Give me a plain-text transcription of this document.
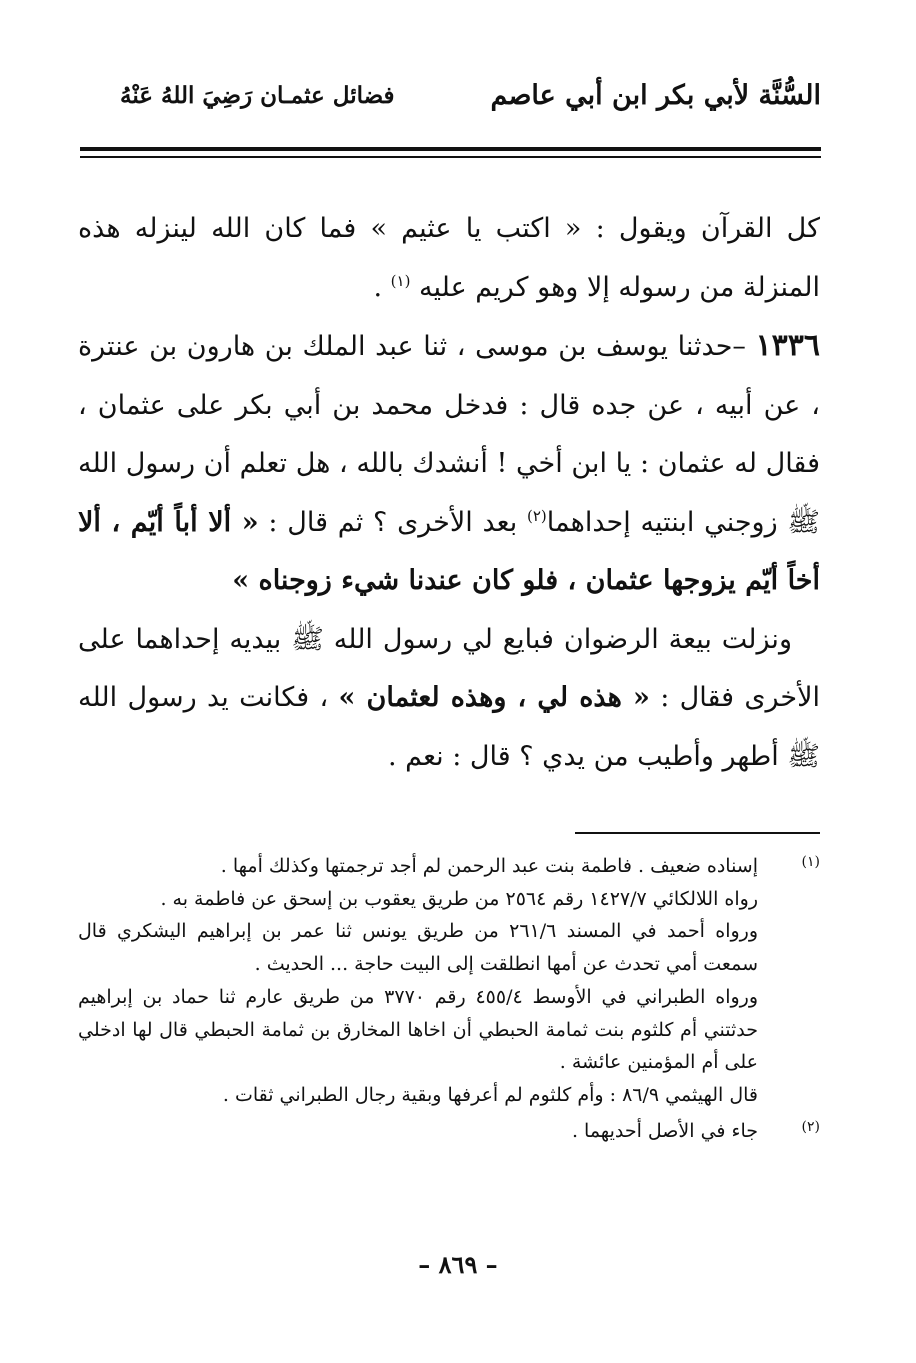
السُّنَّة لأبي بكر ابن أبي عاصم
فضائل عثمـان رَضِيَ اللهُ عَنْهُ

كل القرآن ويقول : « اكتب يا عثيم » فما كان الله لينزله هذه المنزلة من رسوله إلا وهو كريم عليه $^{(١)}$ .

١٣٣٦ –حدثنا يوسف بن موسى ، ثنا عبد الملك بن هارون بن عنترة ، عن أبيه ، عن جده قال : فدخل محمد بن أبي بكر على عثمان ، فقال له عثمان : يا ابن أخي ! أنشدك بالله ، هل تعلم أن رسول الله ﷺ زوجني ابنتيه إحداهما$^{(٢)}$ بعد الأخرى ؟ ثم قال : « ألا أباً أيّم ، ألا أخاً أيّم يزوجها عثمان ، فلو كان عندنا شيء زوجناه »

ونزلت بيعة الرضوان فبايع لي رسول الله ﷺ بيديه إحداهما على الأخرى فقال : « هذه لي ، وهذه لعثمان » ، فكانت يد رسول الله ﷺ أطهر وأطيب من يدي ؟ قال : نعم .

(١)

إسناده ضعيف . فاطمة بنت عبد الرحمن لم أجد ترجمتها وكذلك أمها .

رواه اللالكائي ١٤٢٧/٧ رقم ٢٥٦٤ من طريق يعقوب بن إسحق عن فاطمة به .

ورواه أحمد في المسند ٢٦١/٦ من طريق يونس ثنا عمر بن إبراهيم اليشكري قال سمعت أمي تحدث عن أمها انطلقت إلى البيت حاجة ... الحديث .

ورواه الطبراني في الأوسط ٤٥٥/٤ رقم ٣٧٧٠ من طريق عارم ثنا حماد بن إبراهيم حدثتني أم كلثوم بنت ثمامة الحبطي أن اخاها المخارق بن ثمامة الحبطي قال لها ادخلي على أم المؤمنين عائشة .

قال الهيثمي ٨٦/٩ : وأم كلثوم لم أعرفها وبقية رجال الطبراني ثقات .

(٢)

جاء في الأصل أحديهما .

– ٨٦٩ –
